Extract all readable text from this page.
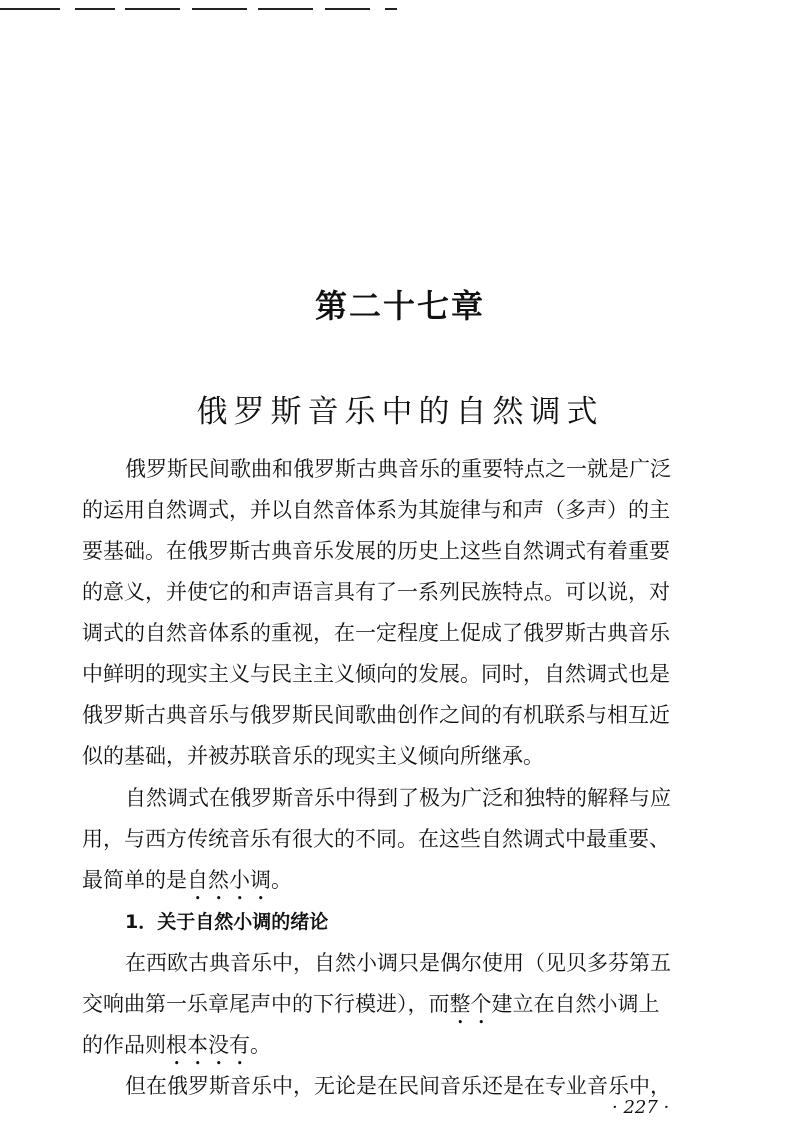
第二十七章
俄罗斯音乐中的自然调式

俄罗斯民间歌曲和俄罗斯古典音乐的重要特点之一就是广泛

的运用自然调式，并以自然音体系为其旋律与和声（多声）的主

要基础。在俄罗斯古典音乐发展的历史上这些自然调式有着重要

的意义，并使它的和声语言具有了一系列民族特点。可以说，对

调式的自然音体系的重视，在一定程度上促成了俄罗斯古典音乐

中鲜明的现实主义与民主主义倾向的发展。同时，自然调式也是

俄罗斯古典音乐与俄罗斯民间歌曲创作之间的有机联系与相互近

似的基础，并被苏联音乐的现实主义倾向所继承。

自然调式在俄罗斯音乐中得到了极为广泛和独特的解释与应

用，与西方传统音乐有很大的不同。在这些自然调式中最重要、

最简单的是自然小调。

1．关于自然小调的绪论

在西欧古典音乐中，自然小调只是偶尔使用（见贝多芬第五

交响曲第一乐章尾声中的下行模进），而整个建立在自然小调上

的作品则根本没有。

但在俄罗斯音乐中，无论是在民间音乐还是在专业音乐中，

· 227 ·
